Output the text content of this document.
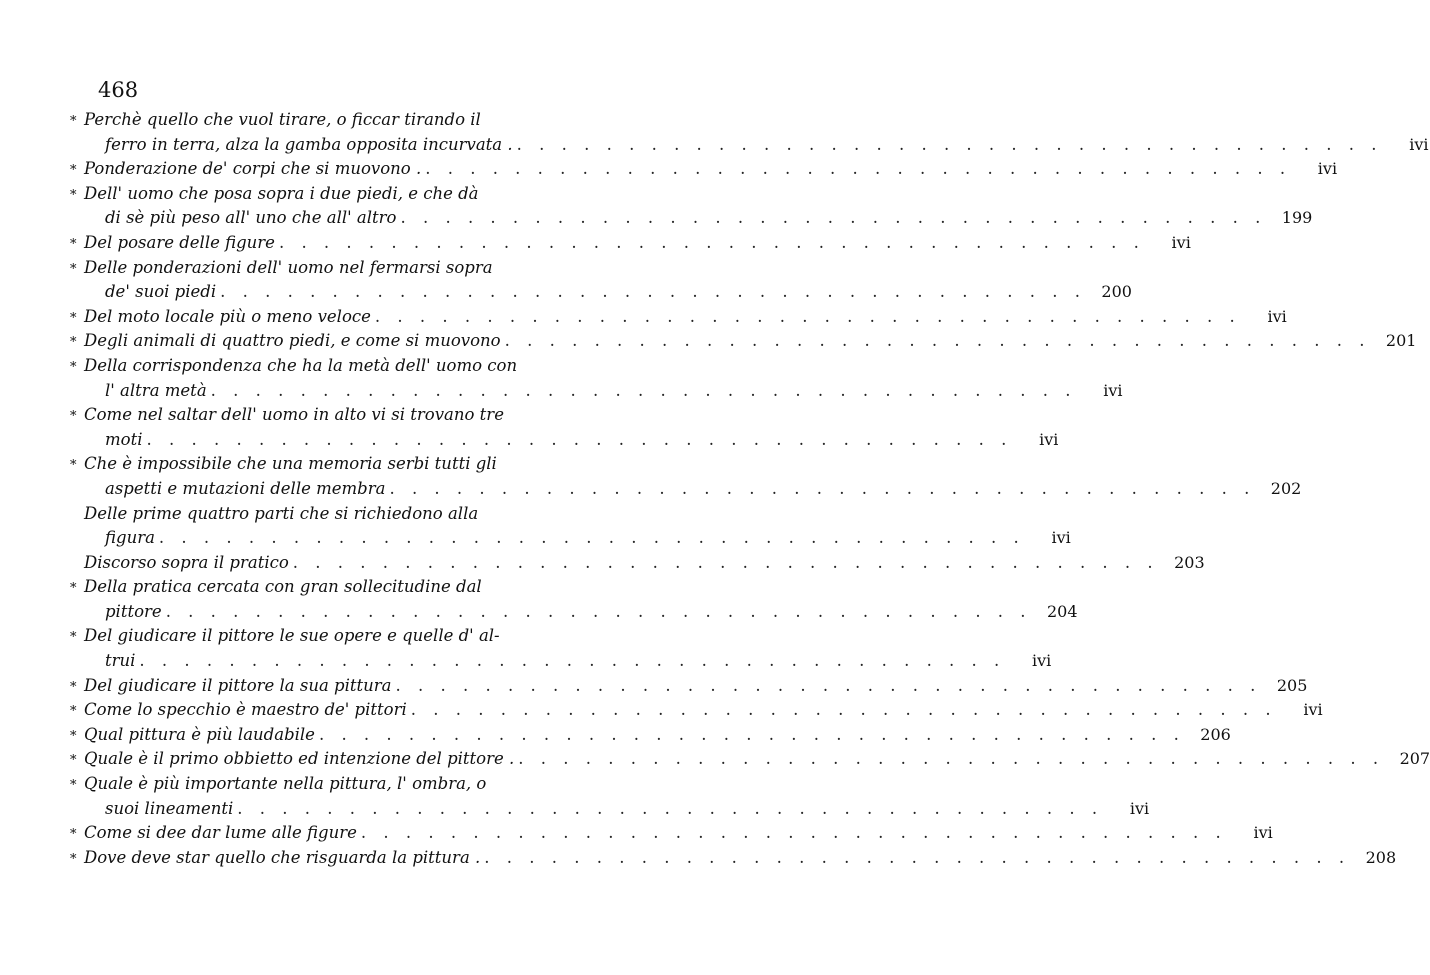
468
* Perchè quello che vuol tirare, o ficcar tirando il
ferro in terra, alza la gamba opposita incurvata . . . .	ivi
* Ponderazione de' corpi che si muovono . . . .	ivi
* Dell' uomo che posa sopra i due piedi, e che dà
di sè più peso all' uno che all' altro . . .	199
* Del posare delle figure . . .	ivi
* Delle ponderazioni dell' uomo nel fermarsi sopra
de' suoi piedi . . .	200
* Del moto locale più o meno veloce . . .	ivi
* Degli animali di quattro piedi, e come si muovono . . .	201
* Della corrispondenza che ha la metà dell' uomo con
l' altra metà . . .	ivi
* Come nel saltar dell' uomo in alto vi si trovano tre
moti . . .	ivi
* Che è impossibile che una memoria serbi tutti gli
aspetti e mutazioni delle membra . . .	202
Delle prime quattro parti che si richiedono alla
figura . . .	ivi
Discorso sopra il pratico . . .	203
* Della pratica cercata con gran sollecitudine dal
pittore . . .	204
* Del giudicare il pittore le sue opere e quelle d' al-
trui . . .	ivi
* Del giudicare il pittore la sua pittura . . .	205
* Come lo specchio è maestro de' pittori . . .	ivi
* Qual pittura è più laudabile . . .	206
* Quale è il primo obbietto ed intenzione del pittore . . . .	207
* Quale è più importante nella pittura, l' ombra, o
suoi lineamenti . . .	ivi
* Come si dee dar lume alle figure . . .	ivi
* Dove deve star quello che risguarda la pittura . . . .	208
